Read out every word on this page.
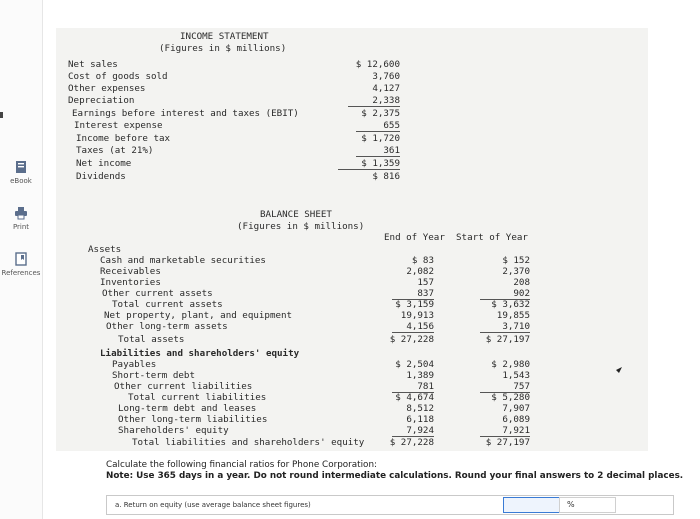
eBook
Print
References
INCOME STATEMENT
(Figures in $ millions)
Net sales	$ 12,600
Cost of goods sold	3,760
Other expenses	4,127
Depreciation	2,338
Earnings before interest and taxes (EBIT)	$ 2,375
Interest expense	655
Income before tax	$ 1,720
Taxes (at 21%)	361
Net income	$ 1,359
Dividends	$ 816
BALANCE SHEET
(Figures in $ millions)
End of Year Start of Year
Assets
Cash and marketable securities	$ 83	$ 152
Receivables	2,082	2,370
Inventories	157	208
Other current assets	837	902
Total current assets	$ 3,159	$ 3,632
Net property, plant, and equipment	19,913	19,855
Other long-term assets	4,156	3,710
Total assets	$ 27,228	$ 27,197
Liabilities and shareholders' equity
Payables	$ 2,504	$ 2,980
Short-term debt	1,389	1,543
Other current liabilities	781	757
Total current liabilities	$ 4,674	$ 5,280
Long-term debt and leases	8,512	7,907
Other long-term liabilities	6,118	6,089
Shareholders' equity	7,924	7,921
Total liabilities and shareholders' equity	$ 27,228	$ 27,197
Calculate the following financial ratios for Phone Corporation:
Note: Use 365 days in a year. Do not round intermediate calculations. Round your final answers to 2 decimal places.
a. Return on equity (use average balance sheet figures)	%
